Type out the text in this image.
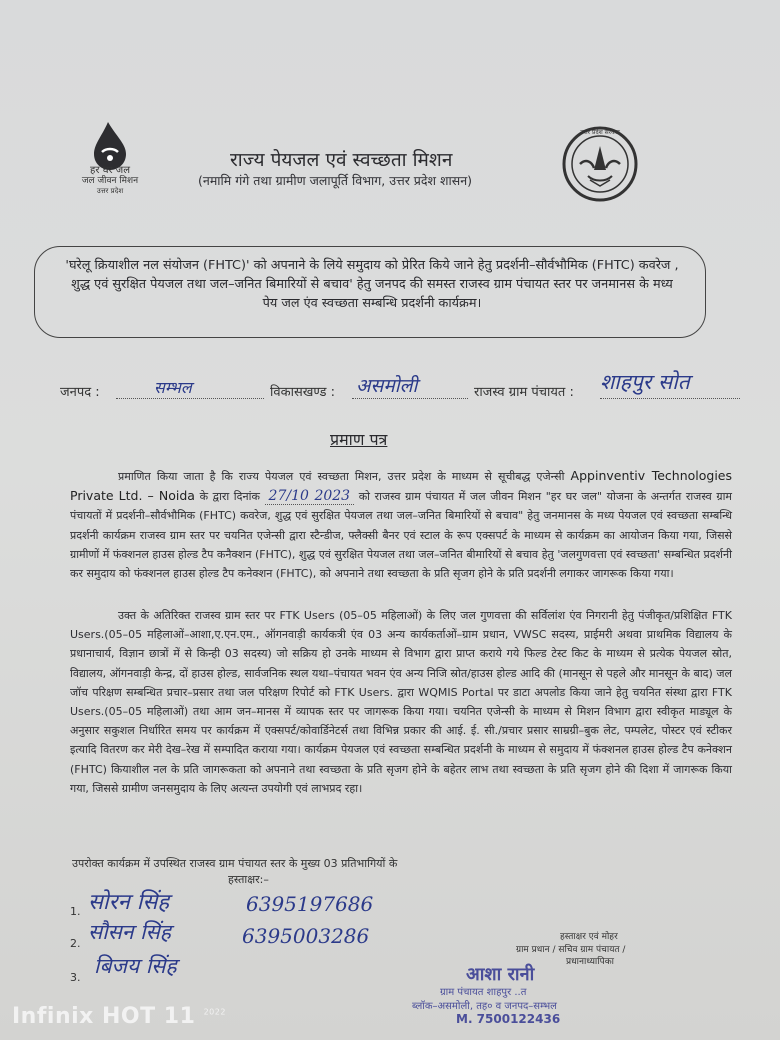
हर घर जल
जल जीवन मिशन
उत्तर प्रदेश
राज्य पेयजल एवं स्वच्छता मिशन
(नमामि गंगे तथा ग्रामीण जलापूर्ति विभाग, उत्तर प्रदेश शासन)
उत्तर प्रदेश सरकार
'घरेलू क्रियाशील नल संयोजन (FHTC)' को अपनाने के लिये समुदाय को प्रेरित किये जाने हेतु प्रदर्शनी–सौर्वभौमिक (FHTC) कवरेज , शुद्ध एवं सुरक्षित पेयजल तथा जल–जनित बिमारियों से बचाव' हेतु जनपद की समस्त राजस्व ग्राम पंचायत स्तर पर जनमानस के मध्य पेय जल एंव स्वच्छता सम्बन्धि प्रदर्शनी कार्यक्रम।
जनपद :	सम्भल	विकासखण्ड : असमोली	राजस्व ग्राम पंचायत : शाहपुर सोत
प्रमाण पत्र
प्रमाणित किया जाता है कि राज्य पेयजल एवं स्वच्छता मिशन, उत्तर प्रदेश के माध्यम से सूचीबद्ध एजेन्सी Appinventiv Technologies Private Ltd. – Noida के द्वारा दिनांक 27/10 2023 को राजस्व ग्राम पंचायत में जल जीवन मिशन "हर घर जल" योजना के अन्तर्गत राजस्व ग्राम पंचायतों में प्रदर्शनी–सौर्वभौमिक (FHTC) कवरेज, शुद्ध एवं सुरक्षित पेयजल तथा जल–जनित बिमारियों से बचाव" हेतु जनमानस के मध्य पेयजल एवं स्वच्छता सम्बन्धि प्रदर्शनी कार्यक्रम राजस्व ग्राम स्तर पर चयनित एजेन्सी द्वारा स्टैन्डीज, फ्लैक्सी बैनर एवं स्टाल के रूप एक्सपर्ट के माध्यम से कार्यक्रम का आयोजन किया गया, जिससे ग्रामीणों में फंक्शनल हाउस होल्ड टैप कनैक्शन (FHTC), शुद्ध एवं सुरक्षित पेयजल तथा जल–जनित बीमारियों से बचाव हेतु 'जलगुणवत्ता एवं स्वच्छता' सम्बन्धित प्रदर्शनी कर समुदाय को फंक्शनल हाउस होल्ड टैप कनेक्शन (FHTC), को अपनाने तथा स्वच्छता के प्रति सृजग होने के प्रति प्रदर्शनी लगाकर जागरूक किया गया।
उक्त के अतिरिक्त राजस्व ग्राम स्तर पर FTK Users (05–05 महिलाओं) के लिए जल गुणवत्ता की सर्विलांश एंव निगरानी हेतु पंजीकृत/प्रशिक्षित FTK Users.(05–05 महिलाओं–आशा,ए.एन.एम., ऑगनवाड़ी कार्यकत्री एंव 03 अन्य कार्यकर्ताओं–ग्राम प्रधान, VWSC सदस्य, प्राईमरी अथवा प्राथमिक विद्यालय के प्रधानाचार्य, विज्ञान छात्रों में से किन्ही 03 सदस्य) जो सक्रिय हो उनके माध्यम से विभाग द्वारा प्राप्त कराये गये फिल्ड टेस्ट किट के माध्यम से प्रत्येक पेयजल स्रोत, विद्यालय, ऑगनवाड़ी केन्द्र, दों हाउस होल्ड, सार्वजनिक स्थल यथा–पंचायत भवन एंव अन्य निजि स्रोत/हाउस होल्ड आदि की (मानसून से पहले और मानसून के बाद) जल जॉच परिक्षण सम्बन्धित प्रचार–प्रसार तथा जल परिक्षण रिपोर्ट को FTK Users. द्वारा WQMIS Portal पर डाटा अपलोड किया जाने हेतु चयनित संस्था द्वारा FTK Users.(05–05 महिलाओं) तथा आम जन–मानस में व्यापक स्तर पर जागरूक किया गया। चयनित एजेन्सी के माध्यम से मिशन विभाग द्वारा स्वीकृत माड्यूल के अनुसार सकुशल निर्धारित समय पर कार्यक्रम में एक्सपर्ट/कोवार्डिनेटर्स तथा विभिन्न प्रकार की आई. ई. सी./प्रचार प्रसार साम्रग्री–बुक लेट, पम्पलेट, पोस्टर एवं स्टीकर इत्यादि वितरण कर मेरी देख–रेख में सम्पादित कराया गया। कार्यक्रम पेयजल एवं स्वच्छता सम्बन्धित प्रदर्शनी के माध्यम से समुदाय में फंक्शनल हाउस होल्ड टैप कनेक्शन (FHTC) कियाशील नल के प्रति जागरूकता को अपनाने तथा स्वच्छता के प्रति सृजग होने के बहेतर लाभ तथा स्वच्छता के प्रति सृजग होने की दिशा में जागरूक किया गया, जिससे ग्रामीण जनसमुदाय के लिए अत्यन्त उपयोगी एवं लाभप्रद रहा।
उपरोक्त कार्यक्रम में उपस्थित राजस्व ग्राम पंचायत स्तर के मुख्य 03 प्रतिभागियों के
हस्ताक्षर:–
1. सोरन सिंह	6395197686
2. सौसन सिंह	6395003286
3. बिजय सिंह
हस्ताक्षर एवं मोहर
ग्राम प्रधान / सचिव ग्राम पंचायत /
प्रधानाध्यापिका
आशा रानी
ग्राम पंचायत शाहपुर ..त
ब्लॉक–असमोली, तह० व जनपद–सम्भल
M. 7500122436
Infinix HOT 11 $^{2022}$
